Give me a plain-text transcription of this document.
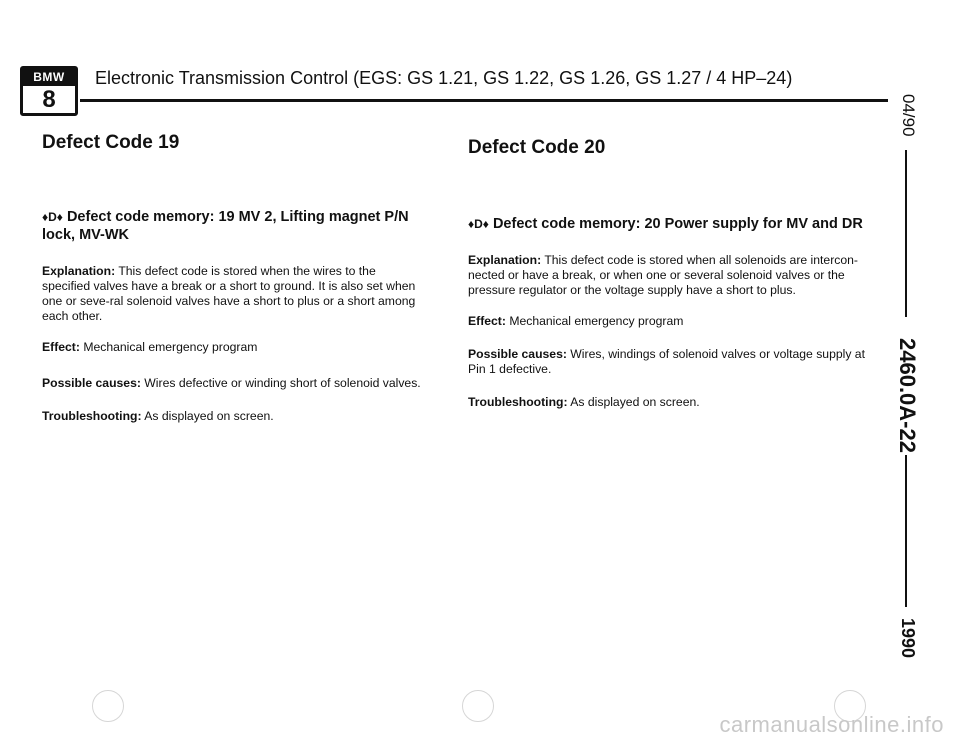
BMW
8
Electronic Transmission Control (EGS: GS 1.21, GS 1.22, GS 1.26, GS 1.27 / 4 HP–24)
04/90
2460.0A-22
1990
Defect Code 19
♦D♦ Defect code memory: 19 MV 2, Lifting magnet P/N lock, MV-WK

Explanation: This defect code is stored when the wires to the specified valves have a break or a short to ground. It is also set when one or seve-ral solenoid valves have a short to plus or a short among each other.

Effect: Mechanical emergency program

Possible causes: Wires defective or winding short of solenoid valves.

Troubleshooting: As displayed on screen.

Defect Code 20
♦D♦ Defect code memory: 20 Power supply for MV and DR

Explanation: This defect code is stored when all solenoids are intercon-nected or have a break, or when one or several solenoid valves or the pressure regulator or the voltage supply have a short to plus.

Effect: Mechanical emergency program

Possible causes: Wires, windings of solenoid valves or voltage supply at Pin 1 defective.

Troubleshooting: As displayed on screen.

carmanualsonline.info
